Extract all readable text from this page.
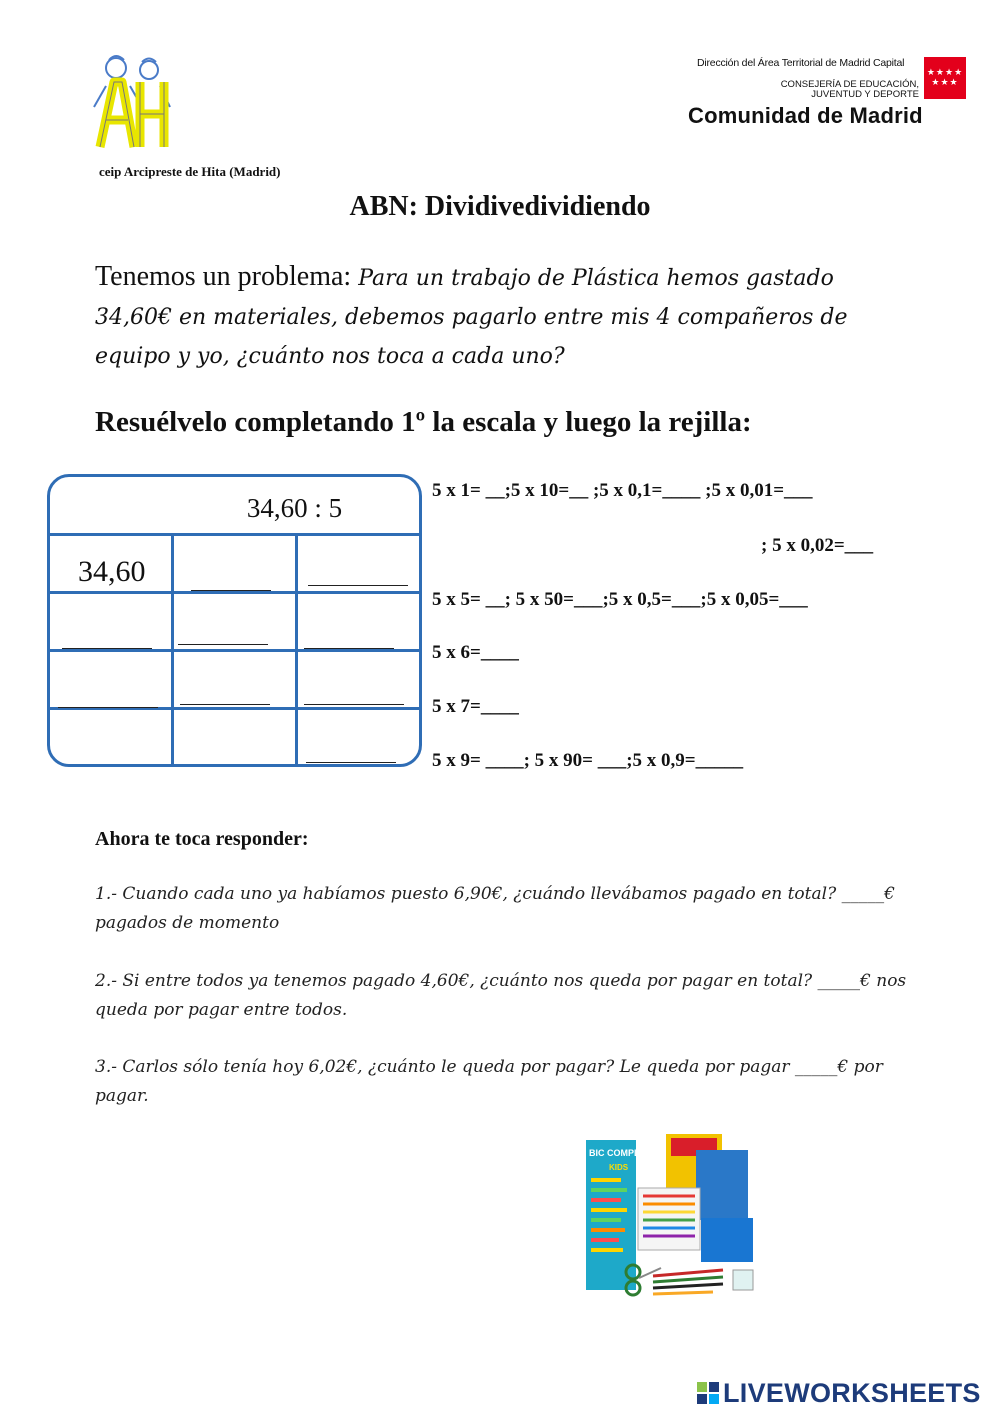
ceip Arcipreste de Hita (Madrid)
Dirección del Área Territorial de Madrid Capital
CONSEJERÍA DE EDUCACIÓN,
JUVENTUD Y DEPORTE
Comunidad de Madrid
★★★★
★★★
ABN: Dividivedividiendo
Tenemos un problema: Para un trabajo de Plástica hemos gastado 34,60€ en materiales, debemos pagarlo entre mis 4 compañeros de equipo y yo, ¿cuánto nos toca a cada uno?
Resuélvelo completando 1º la escala y luego la rejilla:
34,60 : 5
34,60
5 x 1= __;5 x 10=__ ;5 x 0,1=____ ;5 x 0,01=___
; 5 x 0,02=___
5 x 5= __; 5 x 50=___;5 x 0,5=___;5 x 0,05=___
5 x 6=____
5 x 7=____
5 x 9= ____; 5 x 90= ___;5 x 0,9=_____
Ahora te toca responder:
1.- Cuando cada uno ya habíamos puesto 6,90€, ¿cuándo llevábamos pagado en total? _____€ pagados de momento
2.- Si entre todos ya tenemos pagado 4,60€, ¿cuánto nos queda por pagar en total? _____€ nos queda por pagar entre todos.
3.- Carlos sólo tenía hoy 6,02€, ¿cuánto le queda por pagar? Le queda por pagar _____€ por pagar.
BIC COMPLETO
KIDS
LIVEWORKSHEETS
